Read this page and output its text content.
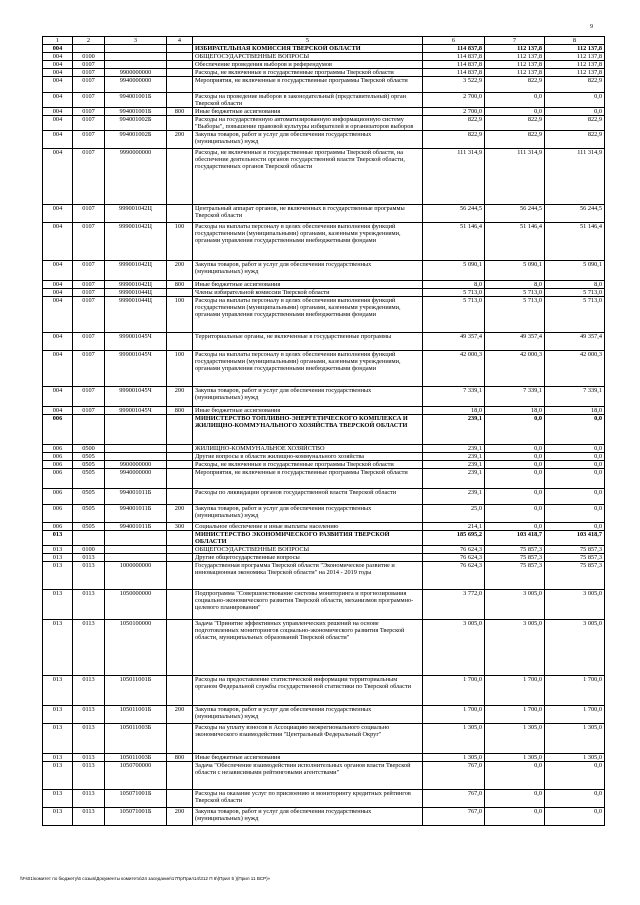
9
1	2	3	4	5	6	7	8
004				ИЗБИРАТЕЛЬНАЯ КОМИССИЯ ТВЕРСКОЙ ОБЛАСТИ	114 837,8	112 137,8	112 137,8
004	0100			ОБЩЕГОСУДАРСТВЕННЫЕ ВОПРОСЫ	114 837,8	112 137,8	112 137,8
004	0107			Обеспечение проведения выборов и референдумов	114 837,8	112 137,8	112 137,8
004	0107	9900000000		Расходы, не включенные в государственные программы Тверской области	114 837,8	112 137,8	112 137,8
004	0107	9940000000		Мероприятия, не включенные в государственные программы Тверской области	3 522,9	822,9	822,9
004	0107	994001001Б		Расходы на проведение выборов в законодательный (представительный) орган Тверской области	2 700,0	0,0	0,0
004	0107	994001001Б	800	Иные бюджетные ассигнования	2 700,0	0,0	0,0
004	0107	994001002Б		Расходы на государственную автоматизированную информационную систему "Выборы", повышение правовой культуры избирателей и организаторов выборов	822,9	822,9	822,9
004	0107	994001002Б	200	Закупка товаров, работ и услуг для обеспечения государственных (муниципальных) нужд	822,9	822,9	822,9
004	0107	9990000000		Расходы, не включенные в государственные программы Тверской области, на обеспечение деятельности органов государственной власти Тверской области, государственных органов Тверской области	111 314,9	111 314,9	111 314,9
004	0107	999001042Ц		Центральный аппарат органов, не включенных в государственные программы Тверской области	56 244,5	56 244,5	56 244,5
004	0107	999001042Ц	100	Расходы на выплаты персоналу в целях обеспечения выполнения функций государственными (муниципальными) органами, казенными учреждениями, органами управления государственными внебюджетными фондами	51 146,4	51 146,4	51 146,4
004	0107	999001042Ц	200	Закупка товаров, работ и услуг для обеспечения государственных (муниципальных) нужд	5 090,1	5 090,1	5 090,1
004	0107	999001042Ц	800	Иные бюджетные ассигнования	8,0	8,0	8,0
004	0107	999001044Ц		Члены избирательной комиссии Тверской области	5 713,0	5 713,0	5 713,0
004	0107	999001044Ц	100	Расходы на выплаты персоналу в целях обеспечения выполнения функций государственными (муниципальными) органами, казенными учреждениями, органами управления государственными внебюджетными фондами	5 713,0	5 713,0	5 713,0
004	0107	999001045Ч		Территориальные органы, не включенные в государственные программы	49 357,4	49 357,4	49 357,4
004	0107	999001045Ч	100	Расходы на выплаты персоналу в целях обеспечения выполнения функций государственными (муниципальными) органами, казенными учреждениями, органами управления государственными внебюджетными фондами	42 000,3	42 000,3	42 000,3
004	0107	999001045Ч	200	Закупка товаров, работ и услуг для обеспечения государственных (муниципальных) нужд	7 339,1	7 339,1	7 339,1
004	0107	999001045Ч	800	Иные бюджетные ассигнования	18,0	18,0	18,0
006				МИНИСТЕРСТВО ТОПЛИВНО-ЭНЕРГЕТИЧЕСКОГО КОМПЛЕКСА И ЖИЛИЩНО-КОММУНАЛЬНОГО ХОЗЯЙСТВА ТВЕРСКОЙ ОБЛАСТИ	239,1	0,0	0,0
006	0500			ЖИЛИЩНО-КОММУНАЛЬНОЕ ХОЗЯЙСТВО	239,1	0,0	0,0
006	0505			Другие вопросы в области жилищно-коммунального хозяйства	239,1	0,0	0,0
006	0505	9900000000		Расходы, не включенные в государственные программы Тверской области	239,1	0,0	0,0
006	0505	9940000000		Мероприятия, не включенные в государственные программы Тверской области	239,1	0,0	0,0
006	0505	994001011Б		Расходы по ликвидации органов государственной власти Тверской области	239,1	0,0	0,0
006	0505	994001011Б	200	Закупка товаров, работ и услуг для обеспечения государственных (муниципальных) нужд	25,0	0,0	0,0
006	0505	994001011Б	300	Социальное обеспечение и иные выплаты населению	214,1	0,0	0,0
013				МИНИСТЕРСТВО ЭКОНОМИЧЕСКОГО РАЗВИТИЯ ТВЕРСКОЙ ОБЛАСТИ	185 695,2	103 418,7	103 418,7
013	0100			ОБЩЕГОСУДАРСТВЕННЫЕ ВОПРОСЫ	76 624,3	75 857,3	75 857,3
013	0113			Другие общегосударственные вопросы	76 624,3	75 857,3	75 857,3
013	0113	1000000000		Государственная программа Тверской области "Экономическое развитие и инновационная экономика Тверской области" на 2014 - 2019 годы	76 624,3	75 857,3	75 857,3
013	0113	1050000000		Подпрограмма "Совершенствование системы мониторинга и прогнозирования социально-экономического развития Тверской области, механизмов программно-целевого планирования"	3 772,0	3 005,0	3 005,0
013	0113	1050100000		Задача "Принятие эффективных управленческих решений на основе подготовленных мониторингов социально-экономического развития Тверской области, муниципальных образований Тверской области"	3 005,0	3 005,0	3 005,0
013	0113	105011001Б		Расходы на предоставление статистической информации территориальным органом Федеральной службы государственной статистики по Тверской области	1 700,0	1 700,0	1 700,0
013	0113	105011001Б	200	Закупка товаров, работ и услуг для обеспечения государственных (муниципальных) нужд	1 700,0	1 700,0	1 700,0
013	0113	105011003Б		Расходы на уплату взносов в Ассоциацию межрегионального социально экономического взаимодействия "Центральный Федеральный Округ"	1 305,0	1 305,0	1 305,0
013	0113	105011003Б	800	Иные бюджетные ассигнования	1 305,0	1 305,0	1 305,0
013	0113	1050700000		Задача "Обеспечение взаимодействия исполнительных органов власти Тверской области с независимыми рейтинговыми агентствами"	767,0	0,0	0,0
013	0113	105071001Б		Расходы на оказание услуг по присвоению и мониторингу кредитных рейтингов Тверской области	767,0	0,0	0,0
013	0113	105071001Б	200	Закупка товаров, работ и услуг для обеспечения государственных (муниципальных) нужд	767,0	0,0	0,0
\\Fs01\комитет по бюджету\6 созыв\Документы комитета\24 заседание\17ПрПрил14\312 П 6\(Прил 5 )(Прил 11 ВСР)»
